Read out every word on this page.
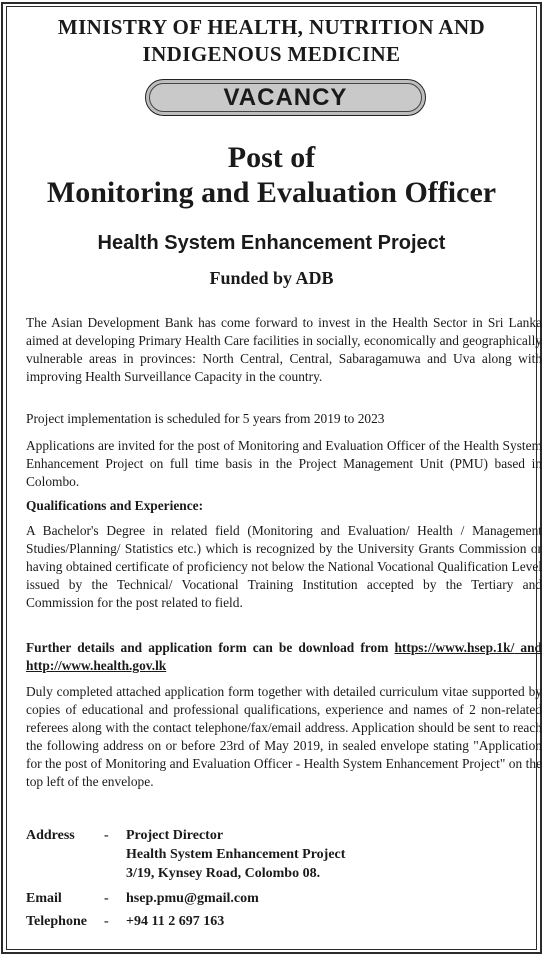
MINISTRY OF HEALTH, NUTRITION AND
INDIGENOUS MEDICINE
VACANCY
Post of
Monitoring and Evaluation Officer
Health System Enhancement Project
Funded by ADB
The Asian Development Bank has come forward to invest in the Health Sector in Sri Lanka aimed at developing Primary Health Care facilities in socially, economically and geographically vulnerable areas in provinces: North Central, Central, Sabaragamuwa and Uva along with improving Health Surveillance Capacity in the country.
Project implementation is scheduled for 5 years from 2019 to 2023
Applications are invited for the post of Monitoring and Evaluation Officer of the Health System Enhancement Project on full time basis in the Project Management Unit (PMU) based in Colombo.
Qualifications and Experience:
A Bachelor's Degree in related field (Monitoring and Evaluation/ Health / Management Studies/Planning/ Statistics etc.) which is recognized by the University Grants Commission or having obtained certificate of proficiency not below the National Vocational Qualification Level issued by the Technical/ Vocational Training Institution accepted by the Tertiary and Commission for the post related to field.
Further details and application form can be download from https://www.hsep.1k/ and http://www.health.gov.lk
Duly completed attached application form together with detailed curriculum vitae supported by copies of educational and professional qualifications, experience and names of 2 non-related referees along with the contact telephone/fax/email address. Application should be sent to reach the following address on or before 23rd of May 2019, in sealed envelope stating "Application for the post of Monitoring and Evaluation Officer - Health System Enhancement Project" on the top left of the envelope.
Address - Project Director
Health System Enhancement Project
3/19, Kynsey Road, Colombo 08.
Email	- hsep.pmu@gmail.com
Telephone - +94 11 2 697 163
